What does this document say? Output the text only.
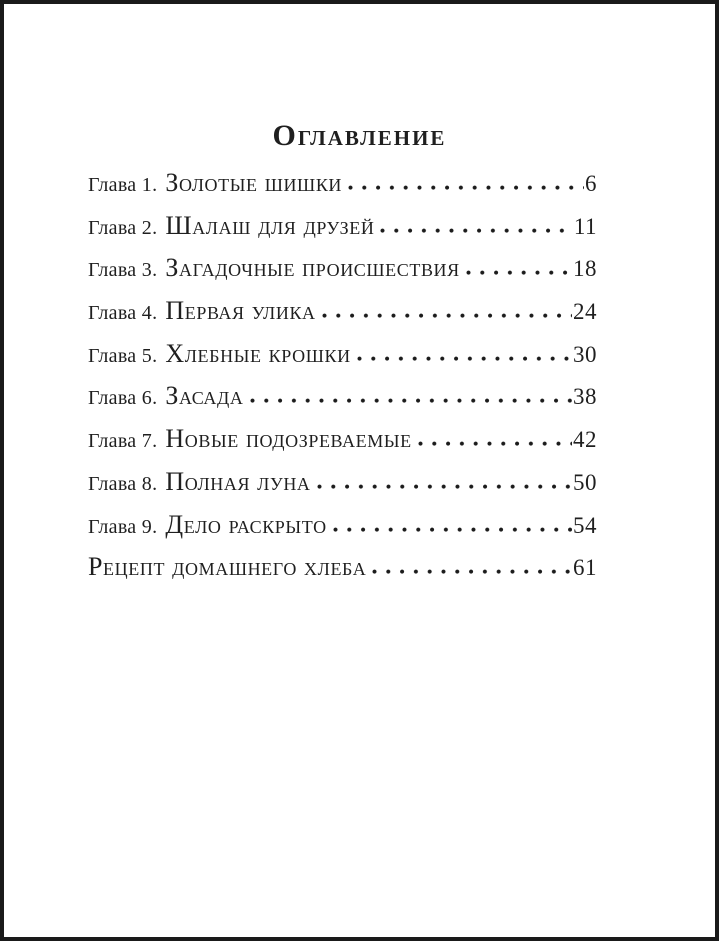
Оглавление
Глава 1. Золотые шишки	6
Глава 2. Шалаш для друзей	11
Глава 3. Загадочные происшествия	18
Глава 4. Первая улика	24
Глава 5. Хлебные крошки	30
Глава 6. Засада	38
Глава 7. Новые подозреваемые	42
Глава 8. Полная луна	50
Глава 9. Дело раскрыто	54
Рецепт домашнего хлеба	61
